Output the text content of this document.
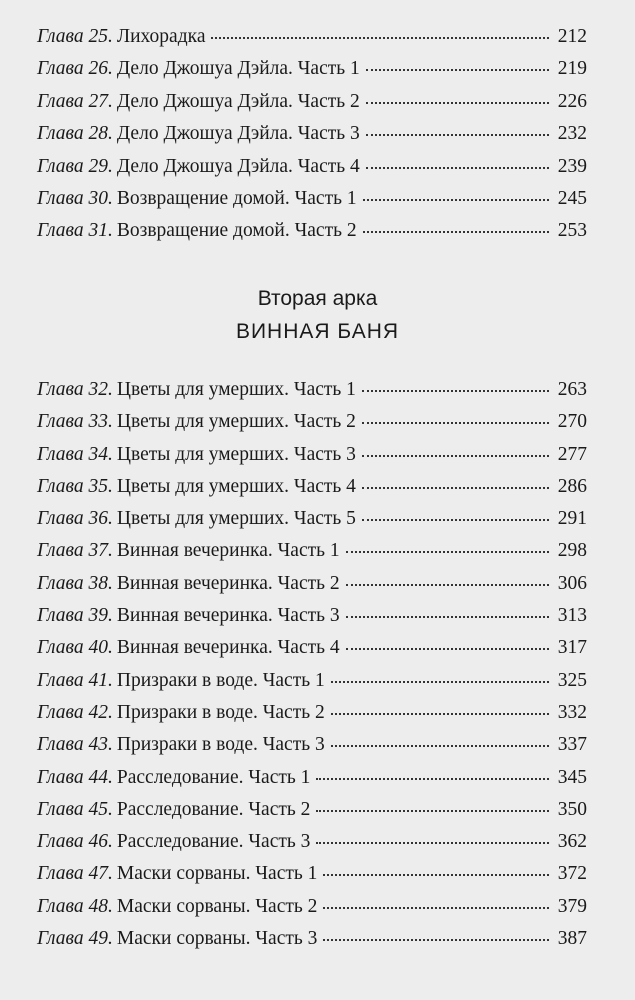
Глава 25. Лихорадка	212
Глава 26. Дело Джошуа Дэйла. Часть 1	219
Глава 27. Дело Джошуа Дэйла. Часть 2	226
Глава 28. Дело Джошуа Дэйла. Часть 3	232
Глава 29. Дело Джошуа Дэйла. Часть 4	239
Глава 30. Возвращение домой. Часть 1	245
Глава 31. Возвращение домой. Часть 2	253
Вторая арка
ВИННАЯ БАНЯ
Глава 32. Цветы для умерших. Часть 1	263
Глава 33. Цветы для умерших. Часть 2	270
Глава 34. Цветы для умерших. Часть 3	277
Глава 35. Цветы для умерших. Часть 4	286
Глава 36. Цветы для умерших. Часть 5	291
Глава 37. Винная вечеринка. Часть 1	298
Глава 38. Винная вечеринка. Часть 2	306
Глава 39. Винная вечеринка. Часть 3	313
Глава 40. Винная вечеринка. Часть 4	317
Глава 41. Призраки в воде. Часть 1	325
Глава 42. Призраки в воде. Часть 2	332
Глава 43. Призраки в воде. Часть 3	337
Глава 44. Расследование. Часть 1	345
Глава 45. Расследование. Часть 2	350
Глава 46. Расследование. Часть 3	362
Глава 47. Маски сорваны. Часть 1	372
Глава 48. Маски сорваны. Часть 2	379
Глава 49. Маски сорваны. Часть 3	387
